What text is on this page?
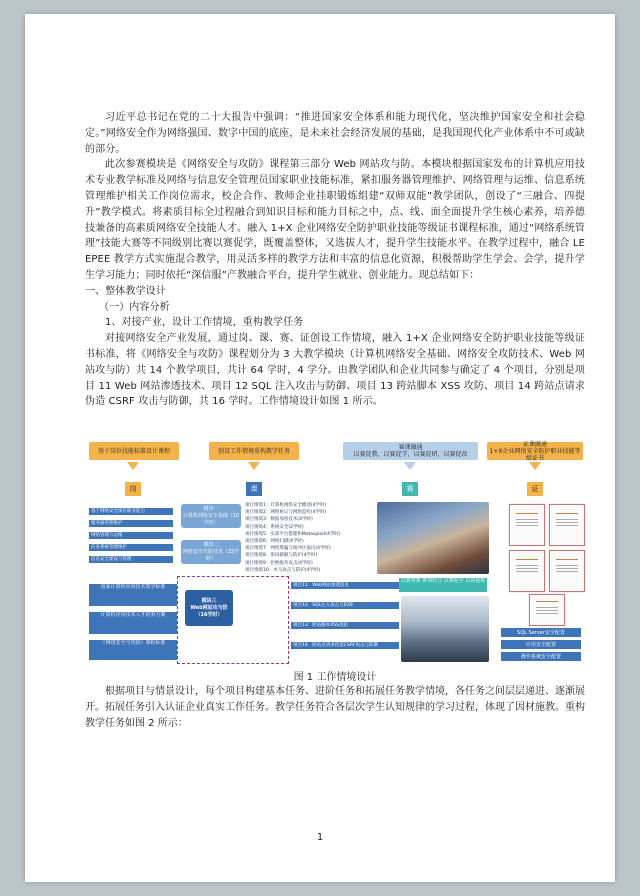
习近平总书记在党的二十大报告中强调：“推进国家安全体系和能力现代化，坚决维护国家安全和社会稳定。”网络安全作为网络强国、数字中国的底座，是未来社会经济发展的基础，是我国现代化产业体系中不可或缺的部分。

此次参赛模块是《网络安全与攻防》课程第三部分 Web 网站攻与防。本模块根据国家发布的计算机应用技术专业教学标准及网络与信息安全管理员国家职业技能标准，紧扣服务器管理维护、网络管理与运维、信息系统管理维护相关工作岗位需求，校企合作、教师企业挂职锻炼组建“双师双能”教学团队，创设了“三融合、四提升”教学模式。将素质目标全过程融合到知识目标和能力目标之中，点、线、面全面提升学生核心素养，培养德技兼备的高素质网络安全技能人才。融入 1+X 企业网络安全防护职业技能等级证书课程标准，通过“网络系统管理”技能大赛等不同级别比赛以赛促学，既覆盖整体，又选拔人才，提升学生技能水平。在教学过程中，融合 LEEPEE 教学方式实施混合教学，用灵活多样的教学方法和丰富的信息化资源，积极帮助学生学会、会学，提升学生学习能力；同时依托“深信服”产教融合平台，提升学生就业、创业能力。现总结如下：

一、整体教学设计

（一）内容分析

1、对接产业，设计工作情境，重构教学任务

对接网络安全产业发展，通过岗、课、赛、证创设工作情境，融入 1+X 企业网络安全防护职业技能等级证书标准，将《网络安全与攻防》课程划分为 3 大教学模块（计算机网络安全基础、网络安全攻防技术、Web 网站攻与防）共 14 个教学项目，共计 64 学时，4 学分。由教学团队和企业共同参与确定了 4 个项目，分别是项目 11 Web 网站渗透技术、项目 12 SQL 注入攻击与防御、项目 13 跨站脚本 XSS 攻防、项目 14 跨站点请求伪造 CSRF 攻击与防御，共 16 学时。工作情境设计如图 1 所示。

基于岗位技能标准设计课程	创设工作情境重构教学任务	赛课融通
以赛促教，以赛促学，以赛促研，以赛促改
证课融通
1+X企业网络安全防护职业技能等级证书
岗	课	赛	证
基于网络安全岗位职业能力
服务器管理维护
网络管理与运维
信息系统管理维护
信息安全建设与管理
国家计算机应用技术教学标准
计算机应用技术人才培养方案
《网络安全与攻防》课程标准
模块一
计算机网络安全基础（10学时）
模块二
网络安全攻防技术（32学时）
模块三
Web网站攻与防
（16学时）
项目情境1：计算机网络安全概述(4学时)
项目情境2：网络协议与网络监听(4学时)
项目情境3：数据加密技术(4学时)
项目情境4：系统安全(2学时)
项目情境5：实训平台搭建和Metasploit(4学时)
项目情境6：网络扫描(4学时)
项目情境7：网络欺骗与缓冲区溢出(4学时)
项目情境8：密码破解与防护(4学时)
项目情境9：拒绝服务攻击(4学时)
项目情境10：木马攻击与防护(4学时)
项目11：Web网站渗透技术
项目12：SQL注入攻击与防御
项目13：跨站脚本XSS攻防
项目14：跨站点请求伪造CSRF攻击与防御
以赛带教 赛训结合 以赛促学 以训促练
SQL Server安全配置
应用安全配置
操作系统安全配置
图 1 工作情境设计

根据项目与情景设计，每个项目构建基本任务、进阶任务和拓展任务教学情境，各任务之间层层递进、逐渐展开。拓展任务引入认证企业真实工作任务。教学任务符合各层次学生认知规律的学习过程，体现了因材施教。重构教学任务如图 2 所示：

1
